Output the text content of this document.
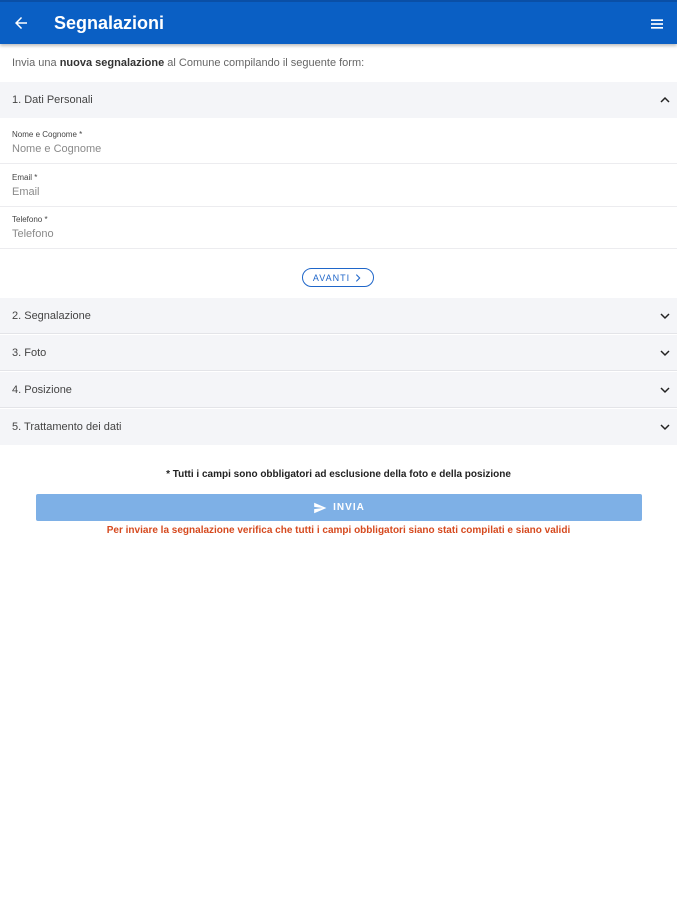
Segnalazioni
Invia una nuova segnalazione al Comune compilando il seguente form:
1. Dati Personali
Nome e Cognome *
Nome e Cognome
Email *
Email
Telefono *
Telefono
AVANTI
2. Segnalazione
3. Foto
4. Posizione
5. Trattamento dei dati
* Tutti i campi sono obbligatori ad esclusione della foto e della posizione
INVIA
Per inviare la segnalazione verifica che tutti i campi obbligatori siano stati compilati e siano validi
